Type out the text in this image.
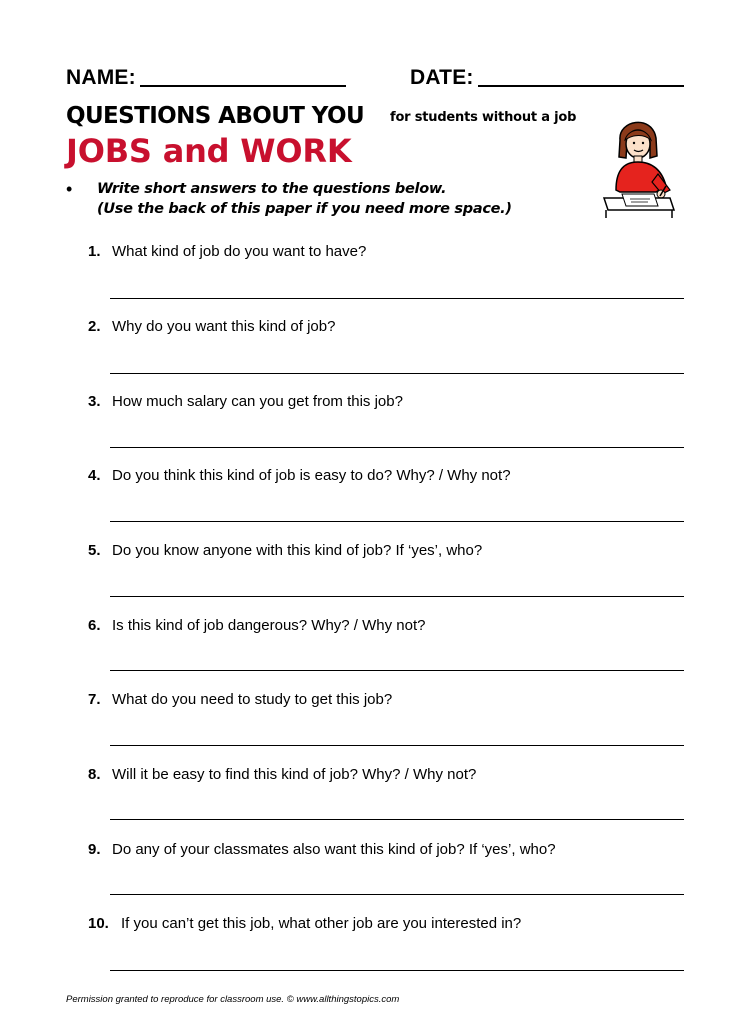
NAME:	DATE:
QUESTIONS ABOUT YOU for students without a job
JOBS and WORK
• Write short answers to the questions below.
(Use the back of this paper if you need more space.)
1. What kind of job do you want to have?
2. Why do you want this kind of job?
3. How much salary can you get from this job?
4. Do you think this kind of job is easy to do? Why? / Why not?
5. Do you know anyone with this kind of job? If ‘yes’, who?
6. Is this kind of job dangerous? Why? / Why not?
7. What do you need to study to get this job?
8. Will it be easy to find this kind of job? Why? / Why not?
9. Do any of your classmates also want this kind of job? If ‘yes’, who?
10. If you can’t get this job, what other job are you interested in?
Permission granted to reproduce for classroom use. © www.allthingstopics.com
